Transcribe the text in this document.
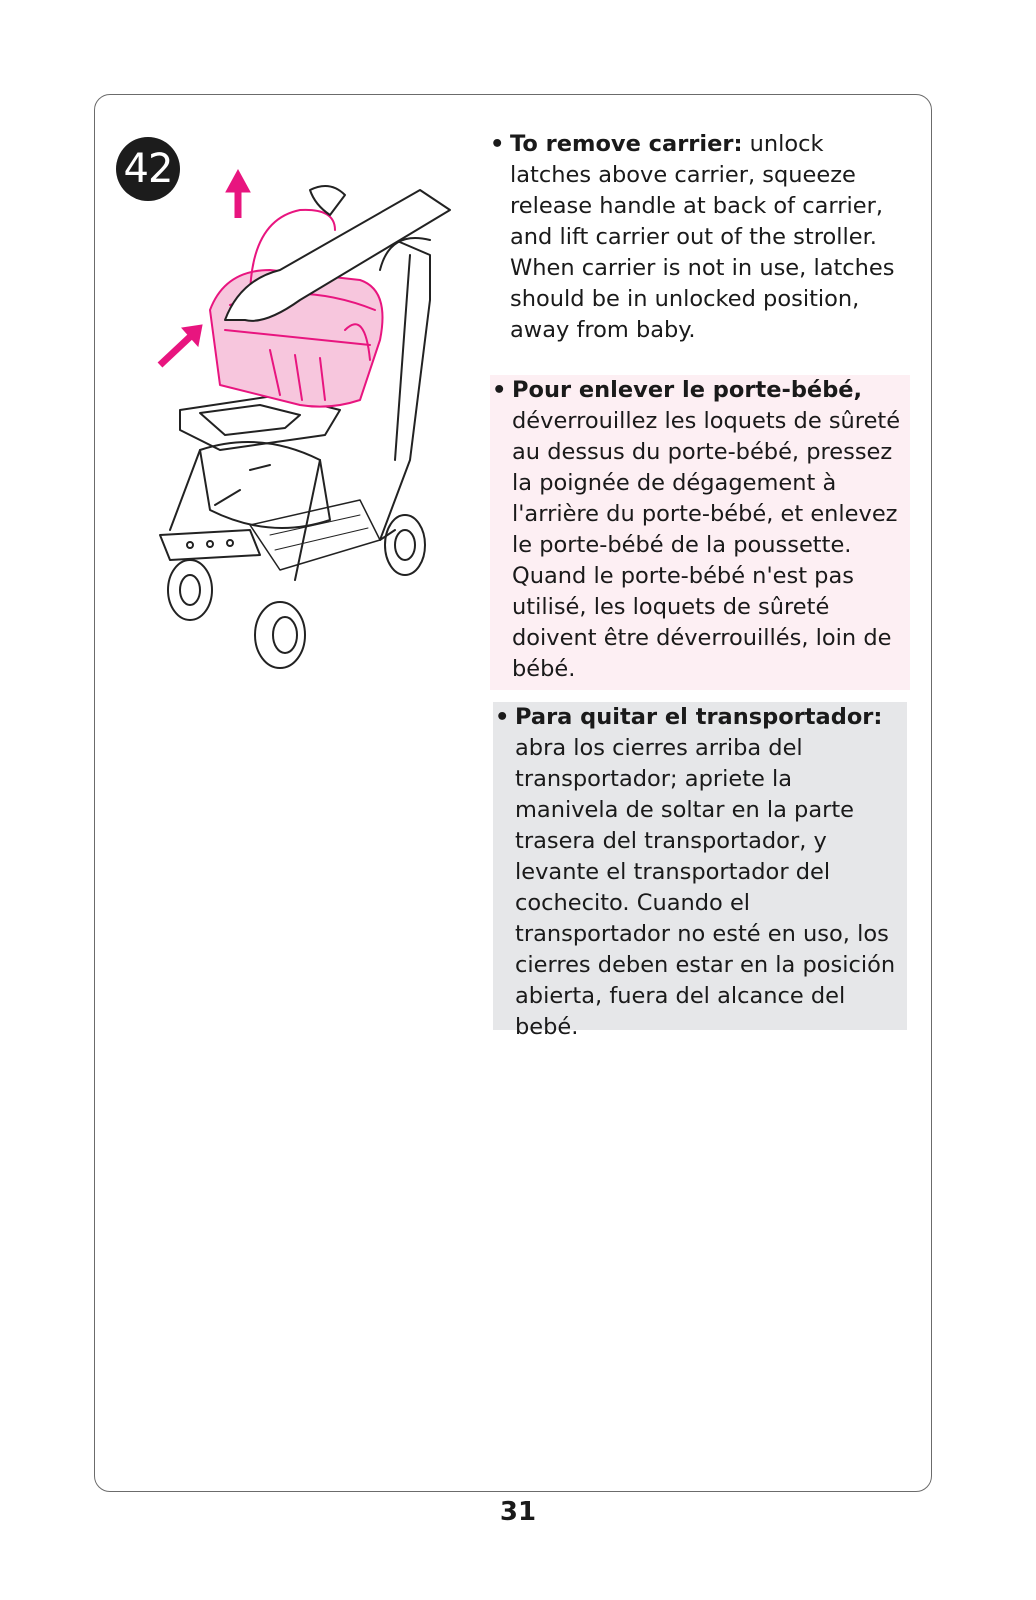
42

• To remove carrier: unlock latches above carrier, squeeze release handle at back of carrier, and lift carrier out of the stroller. When carrier is not in use, latches should be in unlocked position, away from baby.

• Pour enlever le porte-bébé, déverrouillez les loquets de sûreté au dessus du porte-bébé, pressez la poignée de dégagement à l'arrière du porte-bébé, et enlevez le porte-bébé de la poussette. Quand le porte-bébé n'est pas utilisé, les loquets de sûreté doivent être déverrouillés, loin de bébé.

• Para quitar el transportador: abra los cierres arriba del transportador; apriete la manivela de soltar en la parte trasera del transportador, y levante el transportador del cochecito. Cuando el transportador no esté en uso, los cierres deben estar en la posición abierta, fuera del alcance del bebé.

31
